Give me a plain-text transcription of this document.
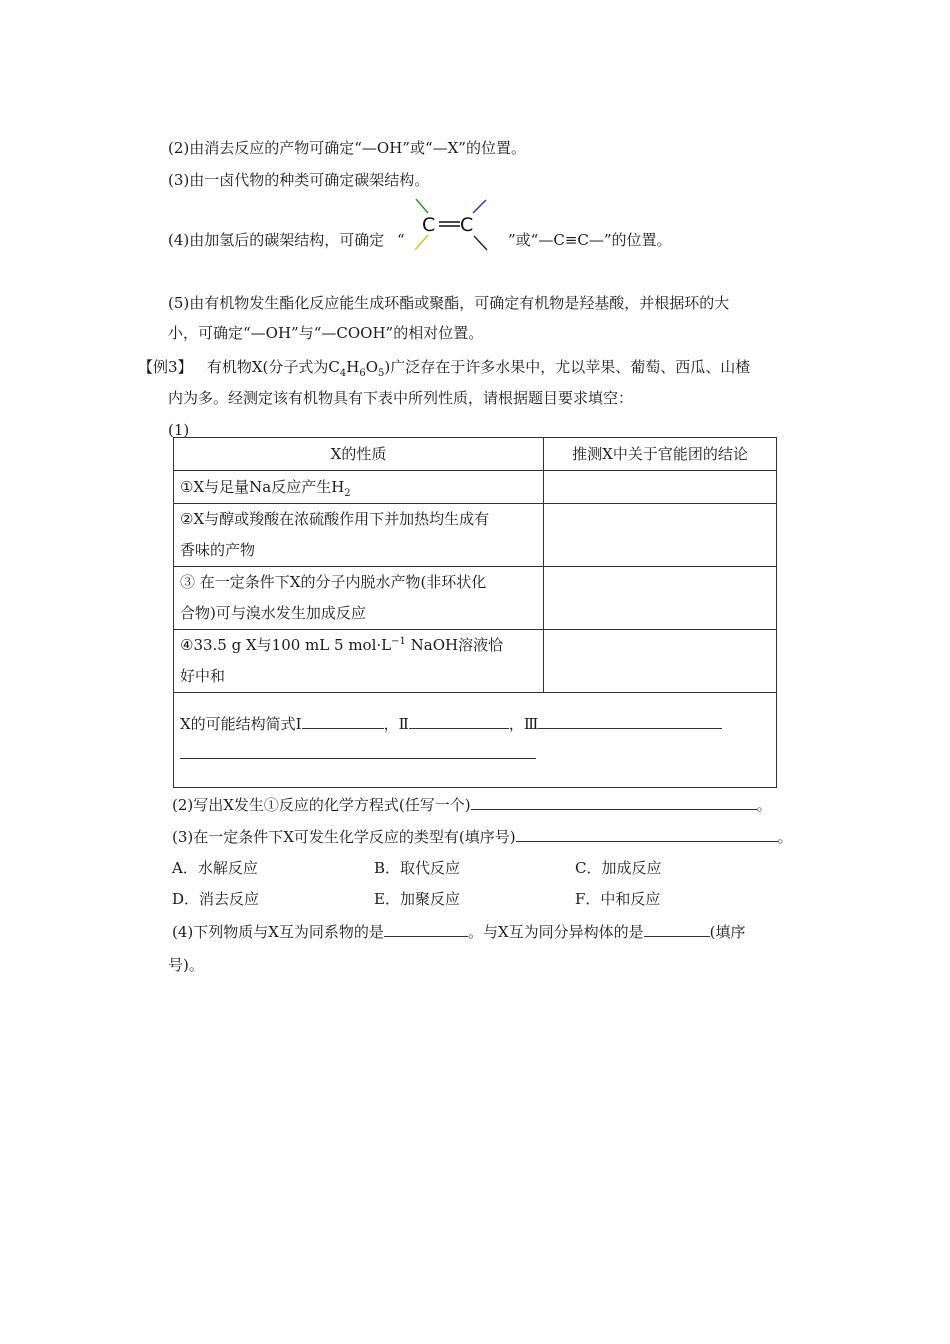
(2)由消去反应的产物可确定“—OH”或“—X”的位置。
(3)由一卤代物的种类可确定碳架结构。
(4)由加氢后的碳架结构，可确定 “	”或“—C≡C—”的位置。
C C
(5)由有机物发生酯化反应能生成环酯或聚酯，可确定有机物是羟基酸，并根据环的大
小，可确定“—OH”与“—COOH”的相对位置。
【例3】 有机物X(分子式为$C_4H_6O_5$)广泛存在于许多水果中，尤以苹果、葡萄、西瓜、山楂
内为多。经测定该有机物具有下表中所列性质，请根据题目要求填空：
(1)
X的性质	推测X中关于官能团的结论
①X与足量Na反应产生$H_2$	
②X与醇或羧酸在浓硫酸作用下并加热均生成有
香味的产物	
③ 在一定条件下X的分子内脱水产物(非环状化
合物)可与溴水发生加成反应	
④33.5 g X与100 mL 5 $mol\cdot L^{-1}$ NaOH溶液恰
好中和	
X的可能结构简式Ⅰ ，Ⅱ ，Ⅲ	

(2)写出X发生①反应的化学方程式(任写一个)	。
(3)在一定条件下X可发生化学反应的类型有(填序号)	。
A．水解反应	B．取代反应	C．加成反应
D．消去反应	E．加聚反应	F．中和反应
(4)下列物质与X互为同系物的是	。与X互为同分异构体的是	(填序
号)。
